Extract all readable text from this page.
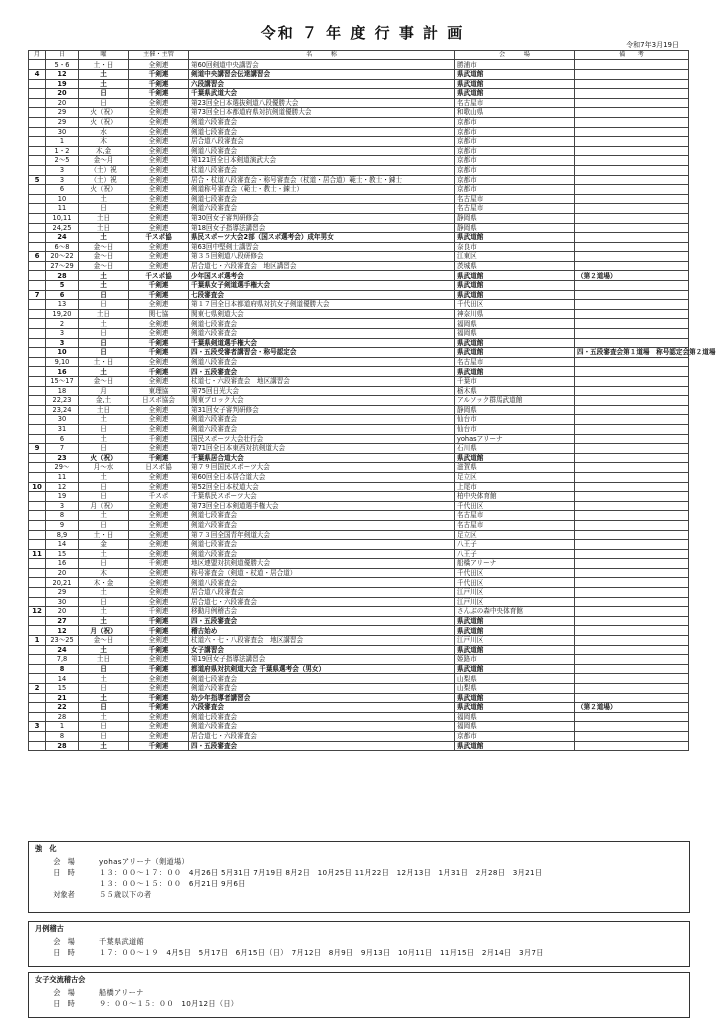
令和 ７ 年 度 行 事 計 画
令和7年3月19日
月	日	曜	主催・主管	名　　　称	会　　　場	備　　考
	5・6	土・日	全剣連	第60回剣道中央講習会	勝浦市	
4	12	土	千剣連	剣道中央講習会伝達講習会	県武道館	
	19	土	千剣連	六段講習会	県武道館	
	20	日	千剣連	千葉県武道大会	県武道館	
	20	日	全剣連	第23回全日本選抜剣道八段優勝大会	名古屋市	
	29	火（祝）	全剣連	第73回全日本都道府県対抗剣道優勝大会	和歌山県	
	29	火（祝）	全剣連	剣道六段審査会	京都市	
	30	水	全剣連	剣道七段審査会	京都市	
	1	木	全剣連	居合道八段審査会	京都市	
	1・2	木,金	全剣連	剣道八段審査会	京都市	
	2～5	金～月	全剣連	第121回全日本剣道演武大会	京都市	
	3	（土）祝	全剣連	杖道八段審査会	京都市	
5	3	（土）祝	全剣連	居合・杖道八段審査会・称号審査会（杖道・居合道）範士・教士・錬士	京都市	
	6	火（祝）	全剣連	剣道称号審査会（範士・教士・錬士）	京都市	
	10	土	全剣連	剣道七段審査会	名古屋市	
	11	日	全剣連	剣道六段審査会	名古屋市	
	10,11	土日	全剣連	第30回女子審判研修会	静岡県	
	24,25	土日	全剣連	第18回女子指導法講習会	静岡県	
	24	土	千スポ協	県民スポーツ大会2部（国スポ選考会）成年男女	県武道館	
	6～8	金～日	全剣連	第63回中堅剣士講習会	奈良市	
6	20～22	金～日	全剣連	第３５回剣道八段研修会	江東区	
	27～29	金～日	全剣連	居合道七・六段審査会　地区講習会	茨城県	
	28	土	千スポ協	少年国スポ選考会	県武道館	（第２道場）
	5	土	千剣連	千葉県女子剣道選手権大会	県武道館	
7	6	日	千剣連	七段審査会	県武道館	
	13	日	全剣連	第１７回全日本都道府県対抗女子剣道優勝大会	千代田区	
	19,20	土日	関七協	関東七県剣道大会	神奈川県	
	2	土	全剣連	剣道七段審査会	福岡県	
	3	日	全剣連	剣道六段審査会	福岡県	
	3	日	千剣連	千葉県剣道選手権大会	県武道館	
	10	日	千剣連	四・五段受審者講習会・称号認定会	県武道館	四・五段審査会第１道場　称号認定会第２道場
	9,10	土・日	全剣連	剣道八段審査会	名古屋市	
	16	土	千剣連	四・五段審査会	県武道館	
	15～17	金～日	全剣連	杖道七・六段審査会　地区講習会	千葉市	
	18	月	東理協	第75回日光大会	栃木県	
	22,23	金,土	日スポ協会	関東ブロック大会	アルソック群馬武道館	
	23,24	土日	全剣連	第31回女子審判研修会	静岡県	
	30	土	全剣連	剣道六段審査会	仙台市	
	31	日	全剣連	剣道六段審査会	仙台市	
	6	土	千剣連	国民スポーツ大会壮行会	yohasアリーナ	
9	7	日	全剣連	第71回全日本東西対抗剣道大会	石川県	
	23	火（祝）	千剣連	千葉県居合道大会	県武道館	
	29～	月～水	日スポ協	第７９回国民スポーツ大会	滋賀県	
	11	土	全剣連	第60回全日本居合道大会	足立区	
10	12	日	全剣連	第52回全日本杖道大会	上尾市	
	19	日	千スポ	千葉県民スポーツ大会	柏中央体育館	
	3	月（祝）	全剣連	第73回全日本剣道選手権大会	千代田区	
	8	土	全剣連	剣道七段審査会	名古屋市	
	9	日	全剣連	剣道六段審査会	名古屋市	
	8,9	土・日	全剣連	第７３回全国青年剣道大会	足立区	
	14	金	全剣連	剣道七段審査会	八王子	
11	15	土	全剣連	剣道六段審査会	八王子	
	16	日	千剣連	地区連盟対抗剣道優勝大会	船橋アリーナ	
	20	木	全剣連	称号審査会（剣道・杖道・居合道）	千代田区	
	20,21	木・金	全剣連	剣道八段審査会	千代田区	
	29	土	全剣連	居合道八段審査会	江戸川区	
	30	日	全剣連	居合道七・六段審査会	江戸川区	
12	20	土	千剣連	移動月例稽古会	さんぶの森中央体育館	
	27	土	千剣連	四・五段審査会	県武道館	
	12	月（祝）	千剣連	稽古始め	県武道館	
1	23～25	金～日	全剣連	杖道六・七・八段審査会　地区講習会	江戸川区	
	24	土	千剣連	女子講習会	県武道館	
	7,8	土日	全剣連	第19回女子指導法講習会	姫路市	
	8	日	千剣連	都道府県対抗剣道大会 千葉県選考会（男女）	県武道館	
	14	土	全剣連	剣道七段審査会	山梨県	
2	15	日	全剣連	剣道六段審査会	山梨県	
	21	土	千剣連	幼少年指導者講習会	県武道館	
	22	日	千剣連	六段審査会	県武道館	（第２道場）
	28	土	全剣連	剣道七段審査会	福岡県	
3	1	日	全剣連	剣道六段審査会	福岡県	
	8	日	全剣連	居合道七・六段審査会	京都市	
	28	土	千剣連	四・五段審査会	県武道館	
強　化
会　場	yohasアリーナ（剣道場）
日　時	１３：００～１７：００　4月26日 5月31日 7月19日 8月2日　10月25日 11月22日　12月13日　1月31日　2月28日　3月21日
１３：００～１５：００　6月21日 9月6日
対象者	５５歳以下の者
月例稽古
会　場	千葉県武道館
日　時	１７：００～１９　4月5日　5月17日　6月15日（日）　7月12日　8月9日　9月13日　10月11日　11月15日　2月14日　3月7日
女子交流稽古会
会　場	船橋アリーナ
日　時	９：００～１５：００　10月12日（日）
